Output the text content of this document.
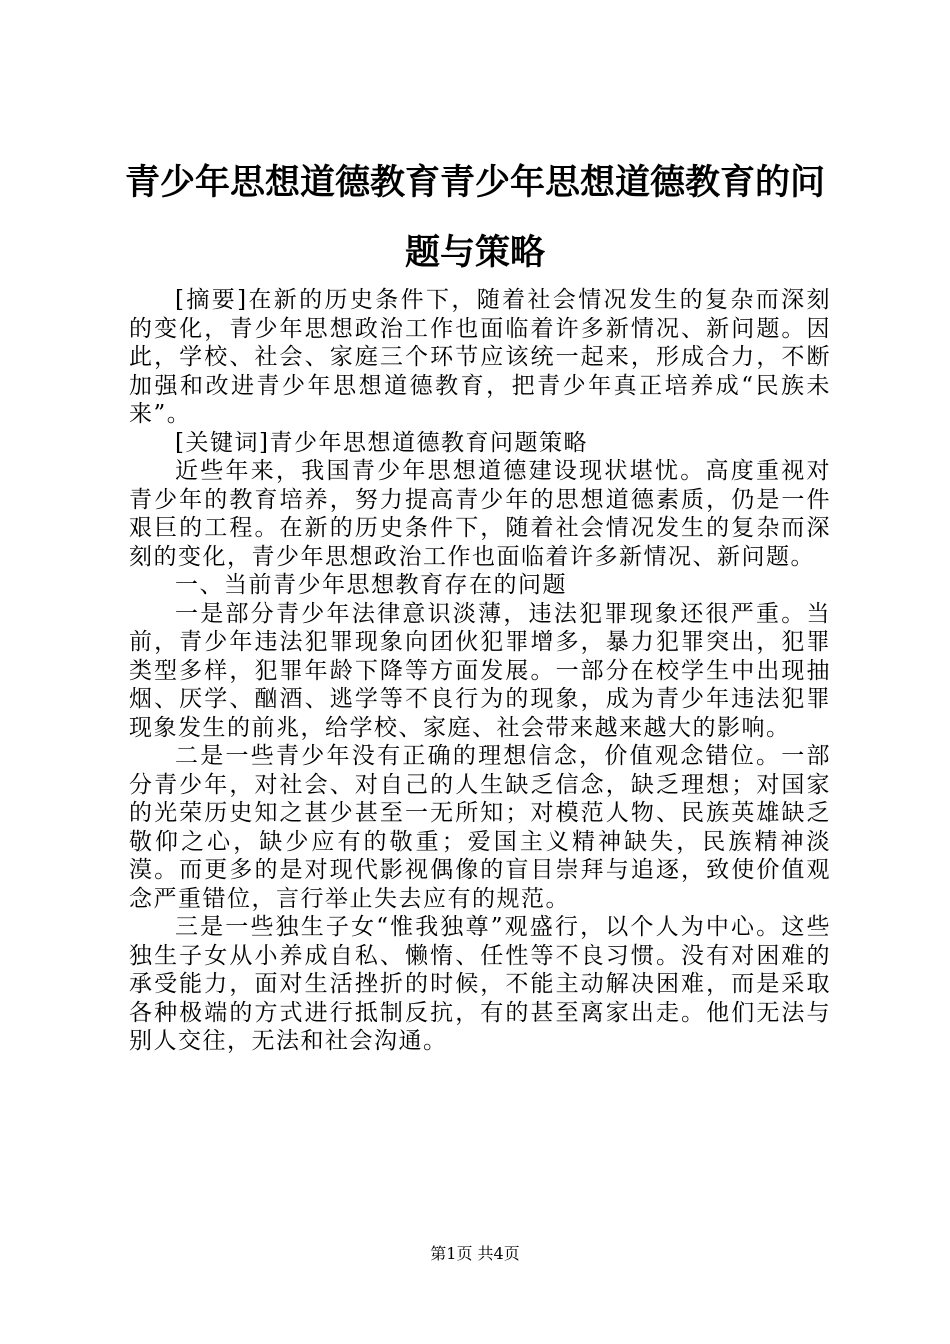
青少年思想道德教育青少年思想道德教育的问题与策略

[摘要]在新的历史条件下，随着社会情况发生的复杂而深刻的变化，青少年思想政治工作也面临着许多新情况、新问题。因此，学校、社会、家庭三个环节应该统一起来，形成合力，不断加强和改进青少年思想道德教育，把青少年真正培养成“民族未来”。

[关键词]青少年思想道德教育问题策略

近些年来，我国青少年思想道德建设现状堪忧。高度重视对青少年的教育培养，努力提高青少年的思想道德素质，仍是一件艰巨的工程。在新的历史条件下，随着社会情况发生的复杂而深刻的变化，青少年思想政治工作也面临着许多新情况、新问题。

一、当前青少年思想教育存在的问题

一是部分青少年法律意识淡薄，违法犯罪现象还很严重。当前，青少年违法犯罪现象向团伙犯罪增多，暴力犯罪突出，犯罪类型多样，犯罪年龄下降等方面发展。一部分在校学生中出现抽烟、厌学、酗酒、逃学等不良行为的现象，成为青少年违法犯罪现象发生的前兆，给学校、家庭、社会带来越来越大的影响。

二是一些青少年没有正确的理想信念，价值观念错位。一部分青少年，对社会、对自己的人生缺乏信念，缺乏理想；对国家的光荣历史知之甚少甚至一无所知；对模范人物、民族英雄缺乏敬仰之心，缺少应有的敬重；爱国主义精神缺失，民族精神淡漠。而更多的是对现代影视偶像的盲目崇拜与追逐，致使价值观念严重错位，言行举止失去应有的规范。

三是一些独生子女“惟我独尊”观盛行，以个人为中心。这些独生子女从小养成自私、懒惰、任性等不良习惯。没有对困难的承受能力，面对生活挫折的时候，不能主动解决困难，而是采取各种极端的方式进行抵制反抗，有的甚至离家出走。他们无法与别人交往，无法和社会沟通。

第1页 共4页
